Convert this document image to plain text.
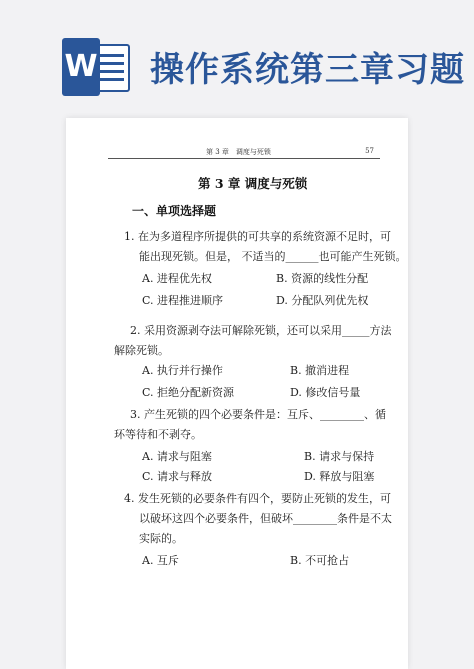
W 操作系统第三章习题
第 3 章　调度与死锁	57
第 3 章 调度与死锁
一、单项选择题
1. 在为多道程序所提供的可共享的系统资源不足时，可
能出现死锁。但是， 不适当的______也可能产生死锁。
A. 进程优先权	B. 资源的线性分配
C. 进程推进顺序	D. 分配队列优先权
2. 采用资源剥夺法可解除死锁，还可以采用_____方法
解除死锁。
A. 执行并行操作	B. 撤消进程
C. 拒绝分配新资源	D. 修改信号量
3. 产生死锁的四个必要条件是：互斥、________、循
环等待和不剥夺。
A. 请求与阻塞	B. 请求与保持
C. 请求与释放	D. 释放与阻塞
4. 发生死锁的必要条件有四个，要防止死锁的发生，可
以破坏这四个必要条件，但破坏________条件是不太
实际的。
A. 互斥	B. 不可抢占
